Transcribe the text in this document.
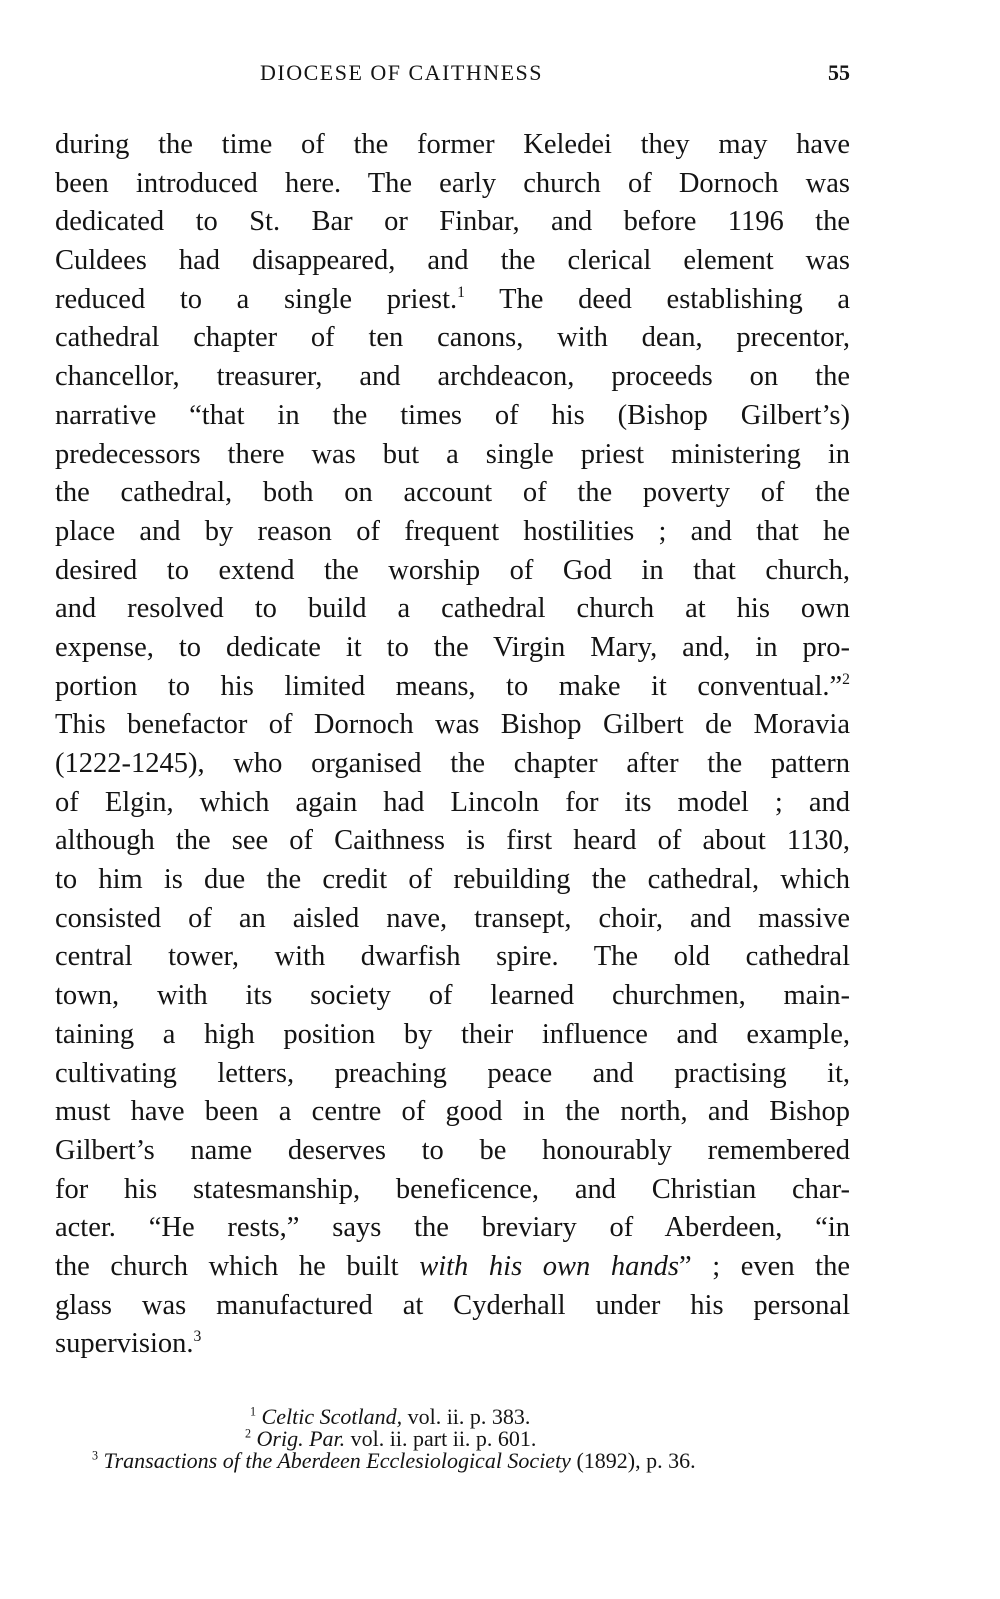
DIOCESE OF CAITHNESS	55
during the time of the former Keledei they may have
been introduced here. The early church of Dornoch was
dedicated to St. Bar or Finbar, and before 1196 the
Culdees had disappeared, and the clerical element was
reduced to a single priest.$^1$ The deed establishing a
cathedral chapter of ten canons, with dean, precentor,
chancellor, treasurer, and archdeacon, proceeds on the
narrative “that in the times of his (Bishop Gilbert’s)
predecessors there was but a single priest ministering in
the cathedral, both on account of the poverty of the
place and by reason of frequent hostilities ; and that he
desired to extend the worship of God in that church,
and resolved to build a cathedral church at his own
expense, to dedicate it to the Virgin Mary, and, in pro-
portion to his limited means, to make it conventual.”$^2$
This benefactor of Dornoch was Bishop Gilbert de Moravia
(1222-1245), who organised the chapter after the pattern
of Elgin, which again had Lincoln for its model ; and
although the see of Caithness is first heard of about 1130,
to him is due the credit of rebuilding the cathedral, which
consisted of an aisled nave, transept, choir, and massive
central tower, with dwarfish spire. The old cathedral
town, with its society of learned churchmen, main-
taining a high position by their influence and example,
cultivating letters, preaching peace and practising it,
must have been a centre of good in the north, and Bishop
Gilbert’s name deserves to be honourably remembered
for his statesmanship, beneficence, and Christian char-
acter. “He rests,” says the breviary of Aberdeen, “in
the church which he built with his own hands” ; even the
glass was manufactured at Cyderhall under his personal
supervision.$^3$
$^1$ Celtic Scotland, vol. ii. p. 383.
$^2$ Orig. Par. vol. ii. part ii. p. 601.
$^3$ Transactions of the Aberdeen Ecclesiological Society (1892), p. 36.
